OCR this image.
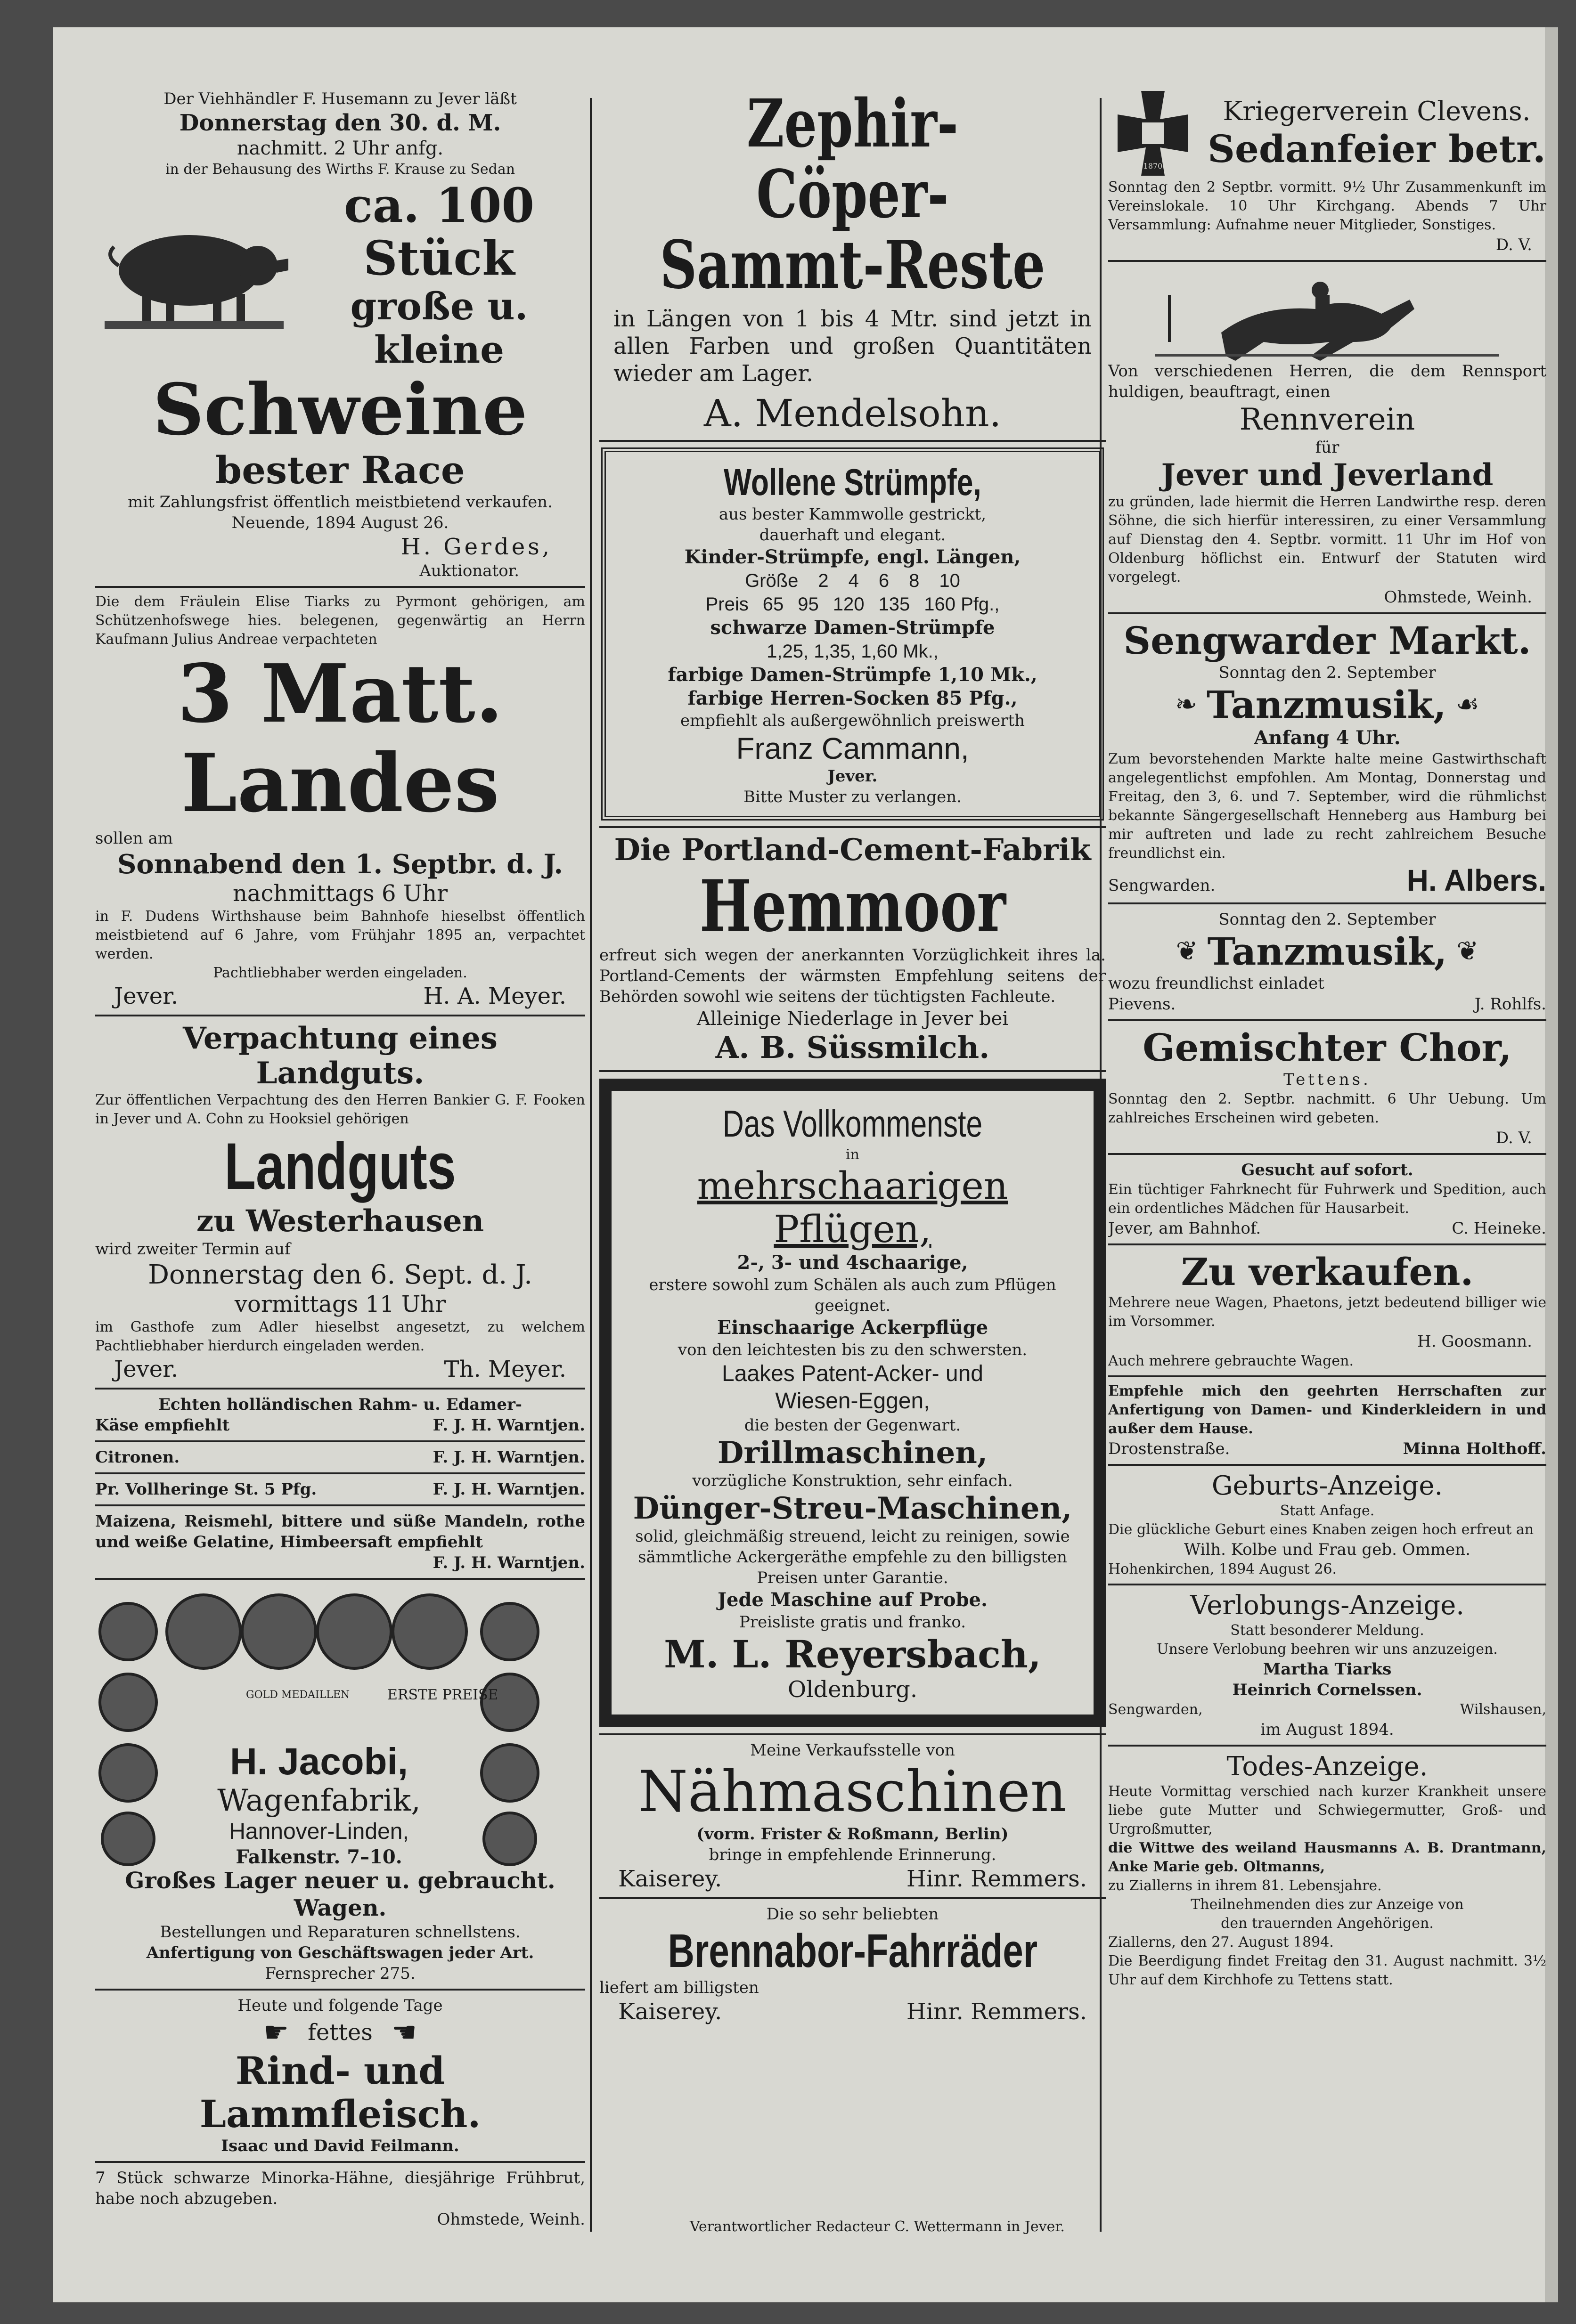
Der Viehhändler F. Husemann zu Jever läßt
Donnerstag den 30. d. M.
nachmitt. 2 Uhr anfg.
in der Behausung des Wirths F. Krause zu Sedan
ca. 100 Stück
große u. kleine
Schweine
bester Race
mit Zahlungsfrist öffentlich meistbietend verkaufen.
Neuende, 1894 August 26.
H. Gerdes,
Auktionator.
Die dem Fräulein Elise Tiarks zu Pyrmont gehörigen, am Schützenhofswege hies. belegenen, gegenwärtig an Herrn Kaufmann Julius Andreae verpachteten
3 Matt. Landes
sollen am
Sonnabend den 1. Septbr. d. J.
nachmittags 6 Uhr
in F. Dudens Wirthshause beim Bahnhofe hieselbst öffentlich meistbietend auf 6 Jahre, vom Frühjahr 1895 an, verpachtet werden.
Pachtliebhaber werden eingeladen.
Jever.	H. A. Meyer.
Verpachtung eines Landguts.
Zur öffentlichen Verpachtung des den Herren Bankier G. F. Fooken in Jever und A. Cohn zu Hooksiel gehörigen
Landguts
zu Westerhausen
wird zweiter Termin auf
Donnerstag den 6. Sept. d. J.
vormittags 11 Uhr
im Gasthofe zum Adler hieselbst angesetzt, zu welchem Pachtliebhaber hierdurch eingeladen werden.
Jever.	Th. Meyer.
Echten holländischen Rahm- u. Edamer-
Käse empfiehlt	F. J. H. Warntjen.
Citronen.	F. J. H. Warntjen.
Pr. Vollheringe St. 5 Pfg.	F. J. H. Warntjen.
Maizena, Reismehl, bittere und süße Mandeln, rothe und weiße Gelatine, Himbeersaft empfiehlt
F. J. H. Warntjen.
GOLD MEDAILLEN	ERSTE PREISE
H. Jacobi,
Wagenfabrik,
Hannover-Linden,
Falkenstr. 7–10.
Großes Lager neuer u. gebraucht. Wagen.
Bestellungen und Reparaturen schnellstens.
Anfertigung von Geschäftswagen jeder Art.
Fernsprecher 275.
Heute und folgende Tage
☛ fettes ☛
Rind- und Lammfleisch.
Isaac und David Feilmann.
7 Stück schwarze Minorka-Hähne, diesjährige Frühbrut, habe noch abzugeben.
Ohmstede, Weinh.
Zephir-Cöper-
Sammt-Reste
in Längen von 1 bis 4 Mtr. sind jetzt in allen Farben und großen Quantitäten wieder am Lager.
A. Mendelsohn.
Wollene Strümpfe,
aus bester Kammwolle gestrickt,
dauerhaft und elegant.
Kinder-Strümpfe, engl. Längen,
Größe 2 4 6 8 10
Preis 65 95 120 135 160 Pfg.,
schwarze Damen-Strümpfe
1,25, 1,35, 1,60 Mk.,
farbige Damen-Strümpfe 1,10 Mk.,
farbige Herren-Socken 85 Pfg.,
empfiehlt als außergewöhnlich preiswerth
Franz Cammann,
Jever.
Bitte Muster zu verlangen.
Die Portland-Cement-Fabrik
Hemmoor
erfreut sich wegen der anerkannten Vorzüglichkeit ihres la. Portland-Cements der wärmsten Empfehlung seitens der Behörden sowohl wie seitens der tüchtigsten Fachleute.
Alleinige Niederlage in Jever bei
A. B. Süssmilch.
Das Vollkommenste
in
mehrschaarigen Pflügen,
2-, 3- und 4schaarige,
erstere sowohl zum Schälen als auch zum Pflügen geeignet.
Einschaarige Ackerpflüge
von den leichtesten bis zu den schwersten.
Laakes Patent-Acker- und
Wiesen-Eggen,
die besten der Gegenwart.
Drillmaschinen,
vorzügliche Konstruktion, sehr einfach.
Dünger-Streu-Maschinen,
solid, gleichmäßig streuend, leicht zu reinigen, sowie sämmtliche Ackergeräthe empfehle zu den billigsten Preisen unter Garantie.
Jede Maschine auf Probe.
Preisliste gratis und franko.
M. L. Reyersbach,
Oldenburg.
Meine Verkaufsstelle von
Nähmaschinen
(vorm. Frister & Roßmann, Berlin)
bringe in empfehlende Erinnerung.
Kaiserey.	Hinr. Remmers.
Die so sehr beliebten
Brennabor-Fahrräder
liefert am billigsten
Kaiserey.	Hinr. Remmers.
1870
Kriegerverein Clevens.
Sedanfeier betr.
Sonntag den 2 Septbr. vormitt. 9½ Uhr Zusammenkunft im Vereinslokale. 10 Uhr Kirchgang. Abends 7 Uhr Versammlung: Aufnahme neuer Mitglieder, Sonstiges.
D. V.
Von verschiedenen Herren, die dem Rennsport huldigen, beauftragt, einen
Rennverein
für
Jever und Jeverland
zu gründen, lade hiermit die Herren Landwirthe resp. deren Söhne, die sich hierfür interessiren, zu einer Versammlung auf Dienstag den 4. Septbr. vormitt. 11 Uhr im Hof von Oldenburg höflichst ein. Entwurf der Statuten wird vorgelegt.
Ohmstede, Weinh.
Sengwarder Markt.
Sonntag den 2. September
❧ Tanzmusik, ☙
Anfang 4 Uhr.
Zum bevorstehenden Markte halte meine Gastwirthschaft angelegentlichst empfohlen. Am Montag, Donnerstag und Freitag, den 3, 6. und 7. September, wird die rühmlichst bekannte Sängergesellschaft Henneberg aus Hamburg bei mir auftreten und lade zu recht zahlreichem Besuche freundlichst ein.
Sengwarden.	H. Albers.
Sonntag den 2. September
❦ Tanzmusik, ❦
wozu freundlichst einladet
Pievens.	J. Rohlfs.
Gemischter Chor,
Tettens.
Sonntag den 2. Septbr. nachmitt. 6 Uhr Uebung. Um zahlreiches Erscheinen wird gebeten.
D. V.
Gesucht auf sofort.
Ein tüchtiger Fahrknecht für Fuhrwerk und Spedition, auch ein ordentliches Mädchen für Hausarbeit.
Jever, am Bahnhof.	C. Heineke.
Zu verkaufen.
Mehrere neue Wagen, Phaetons, jetzt bedeutend billiger wie im Vorsommer.
H. Goosmann.
Auch mehrere gebrauchte Wagen.
Empfehle mich den geehrten Herrschaften zur Anfertigung von Damen- und Kinderkleidern in und außer dem Hause.
Drostenstraße.	Minna Holthoff.
Geburts-Anzeige.
Statt Anfage.
Die glückliche Geburt eines Knaben zeigen hoch erfreut an
Wilh. Kolbe und Frau geb. Ommen.
Hohenkirchen, 1894 August 26.
Verlobungs-Anzeige.
Statt besonderer Meldung.
Unsere Verlobung beehren wir uns anzuzeigen.
Martha Tiarks
Heinrich Cornelssen.
Sengwarden,	Wilshausen,
im August 1894.
Todes-Anzeige.
Heute Vormittag verschied nach kurzer Krankheit unsere liebe gute Mutter und Schwiegermutter, Groß- und Urgroßmutter,
die Wittwe des weiland Hausmanns A. B. Drantmann, Anke Marie geb. Oltmanns,
zu Ziallerns in ihrem 81. Lebensjahre.
Theilnehmenden dies zur Anzeige von
den trauernden Angehörigen.
Ziallerns, den 27. August 1894.
Die Beerdigung findet Freitag den 31. August nachmitt. 3½ Uhr auf dem Kirchhofe zu Tettens statt.
Verantwortlicher Redacteur C. Wettermann in Jever.
